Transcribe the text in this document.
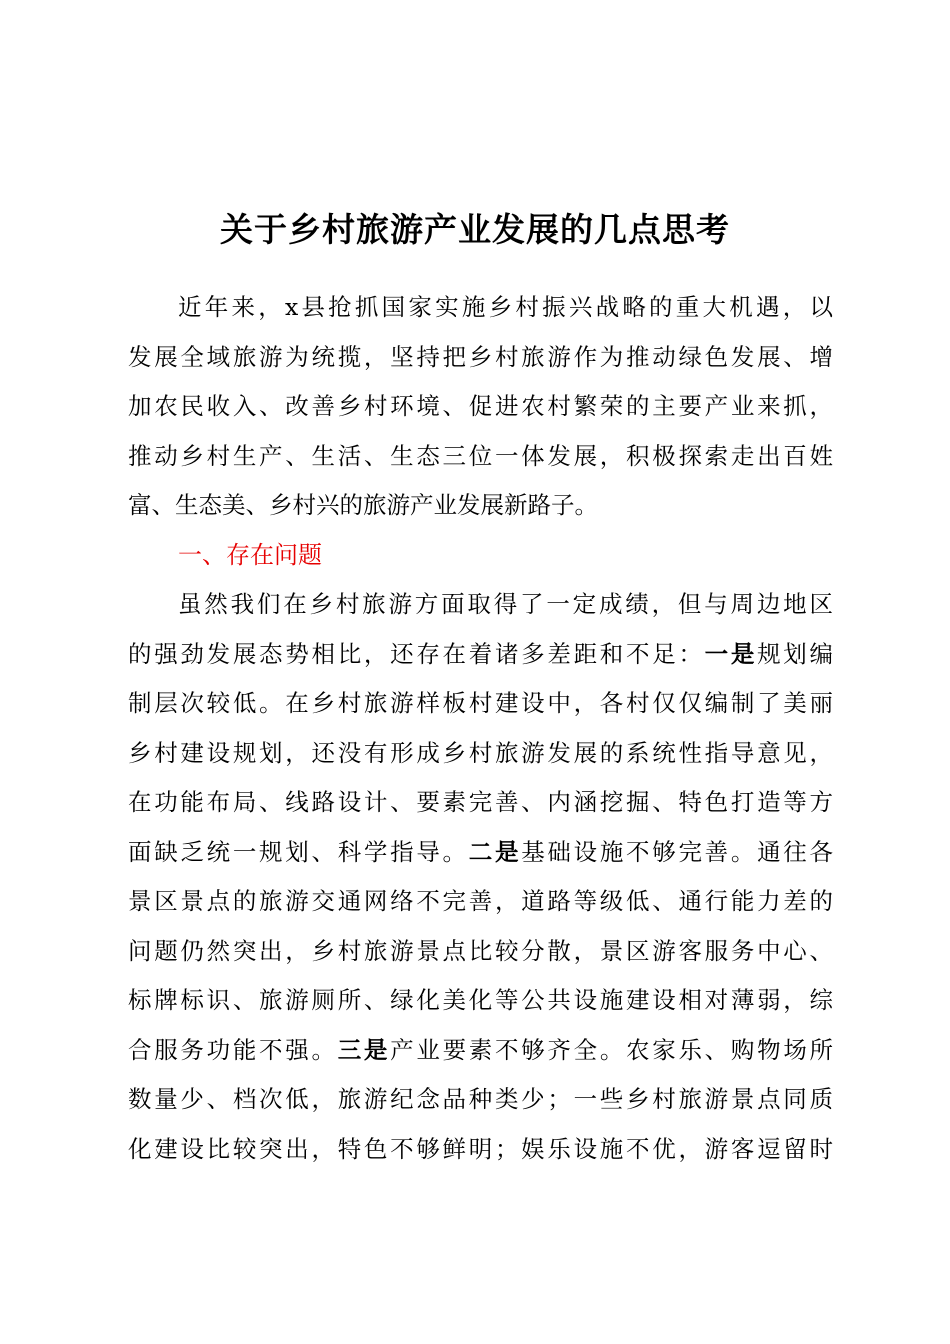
关于乡村旅游产业发展的几点思考
近年来，x县抢抓国家实施乡村振兴战略的重大机遇，以
发展全域旅游为统揽，坚持把乡村旅游作为推动绿色发展、增
加农民收入、改善乡村环境、促进农村繁荣的主要产业来抓，
推动乡村生产、生活、生态三位一体发展，积极探索走出百姓
富、生态美、乡村兴的旅游产业发展新路子。
一、存在问题
虽然我们在乡村旅游方面取得了一定成绩，但与周边地区
的强劲发展态势相比，还存在着诸多差距和不足：一是规划编
制层次较低。在乡村旅游样板村建设中，各村仅仅编制了美丽
乡村建设规划，还没有形成乡村旅游发展的系统性指导意见，
在功能布局、线路设计、要素完善、内涵挖掘、特色打造等方
面缺乏统一规划、科学指导。二是基础设施不够完善。通往各
景区景点的旅游交通网络不完善，道路等级低、通行能力差的
问题仍然突出，乡村旅游景点比较分散，景区游客服务中心、
标牌标识、旅游厕所、绿化美化等公共设施建设相对薄弱，综
合服务功能不强。三是产业要素不够齐全。农家乐、购物场所
数量少、档次低，旅游纪念品种类少；一些乡村旅游景点同质
化建设比较突出，特色不够鲜明；娱乐设施不优，游客逗留时
